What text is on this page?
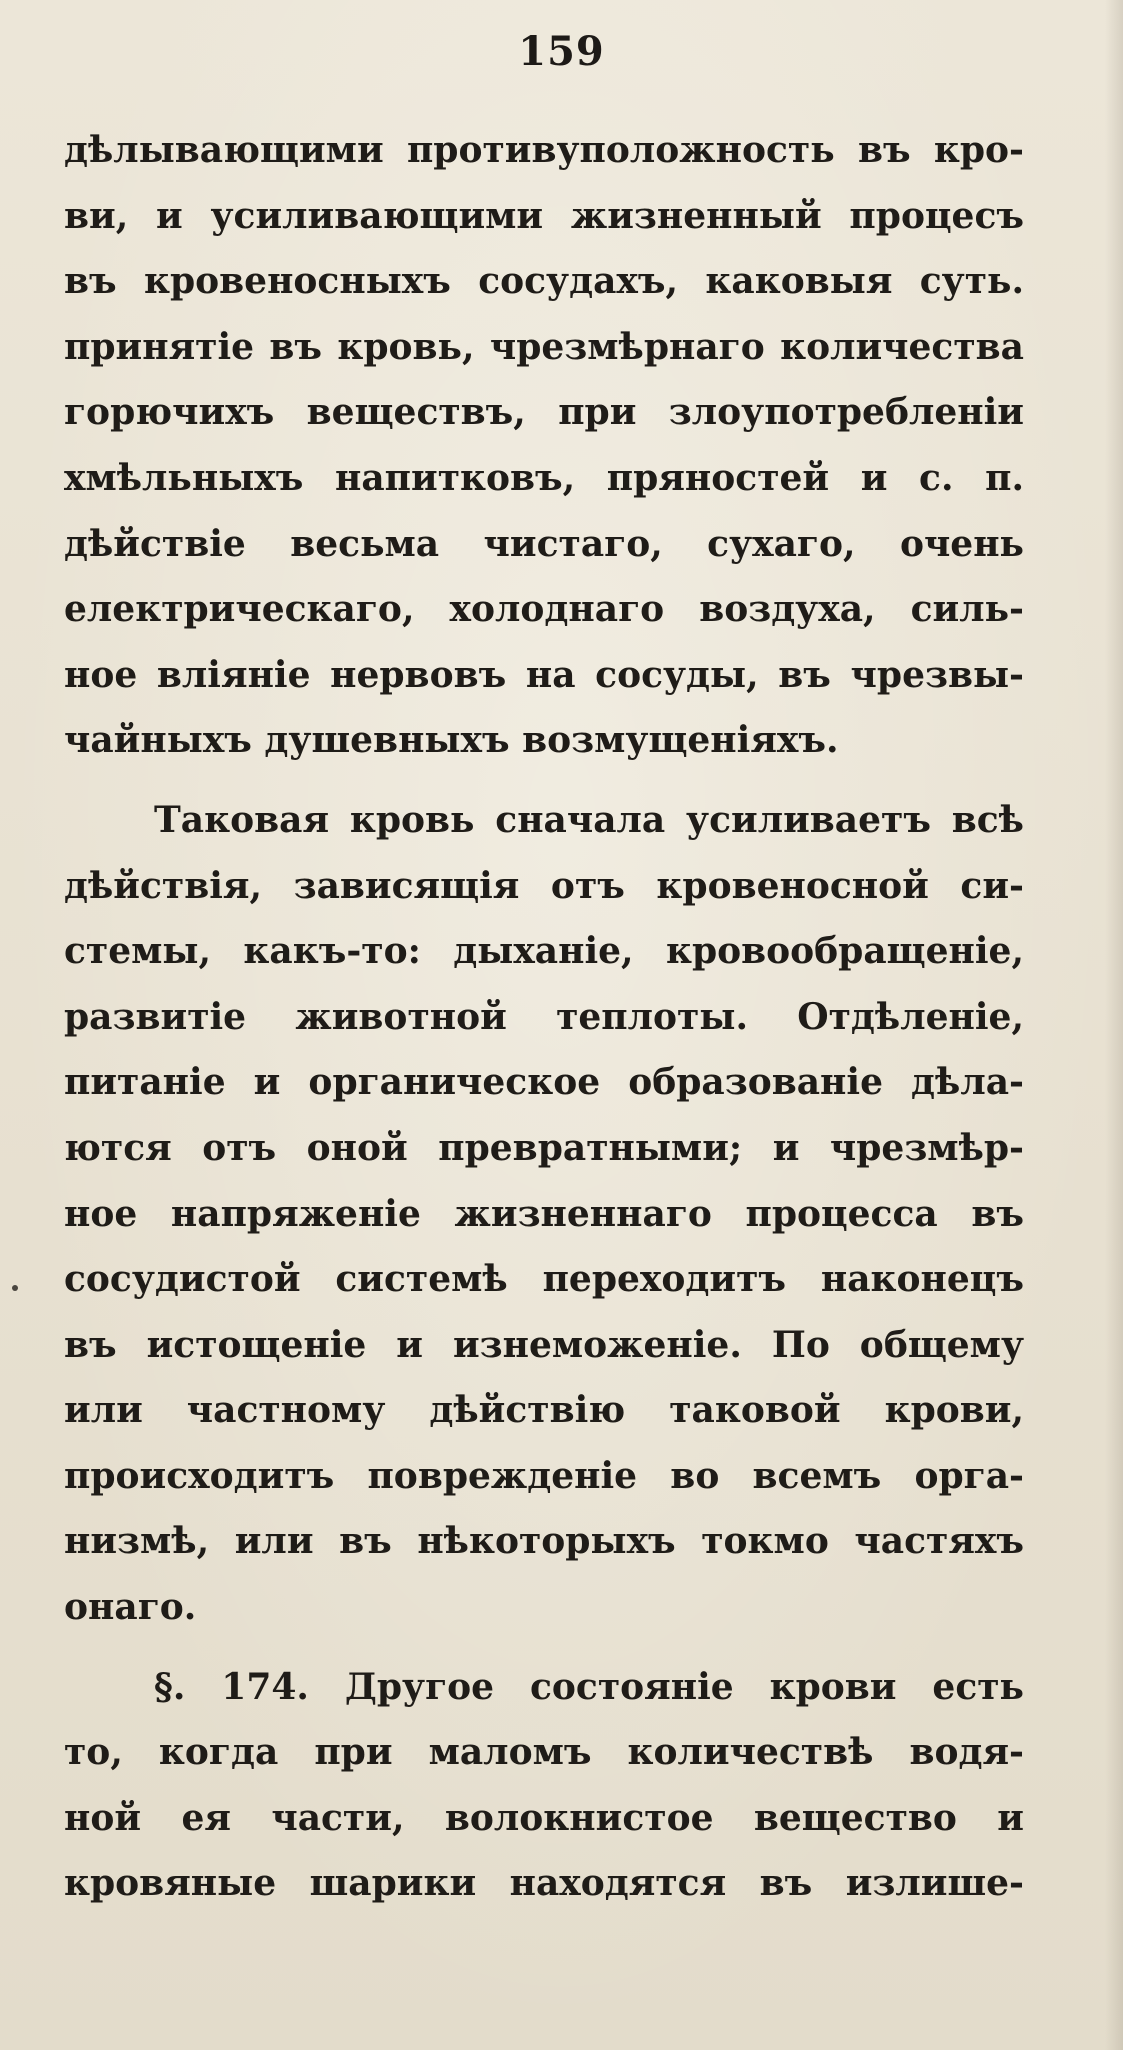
159
дѣлывающими противуположность въ кро-
ви, и усиливающими жизненный процесъ
въ кровеносныхъ сосудахъ, каковыя суть.
принятіе въ кровь, чрезмѣрнаго количества
горючихъ веществъ, при злоупотребленіи
хмѣльныхъ напитковъ, пряностей и с. п.
дѣйствіе весьма чистаго, сухаго, очень
електрическаго, холоднаго воздуха, силь-
ное вліяніе нервовъ на сосуды, въ чрезвы-
чайныхъ душевныхъ возмущеніяхъ.
Таковая кровь сначала усиливаетъ всѣ
дѣйствія, зависящія отъ кровеносной си-
стемы, какъ-то: дыханіе, кровообращеніе,
развитіе животной теплоты. Отдѣленіе,
питаніе и органическое образованіе дѣла-
ются отъ оной превратными; и чрезмѣр-
ное напряженіе жизненнаго процесса въ
сосудистой системѣ переходитъ наконецъ
въ истощеніе и изнеможеніе. По общему
или частному дѣйствію таковой крови,
происходитъ поврежденіе во всемъ орга-
низмѣ, или въ нѣкоторыхъ токмо частяхъ
онаго.
§. 174. Другое состояніе крови есть
то, когда при маломъ количествѣ водя-
ной ея части, волокнистое вещество и
кровяные шарики находятся въ излише-
